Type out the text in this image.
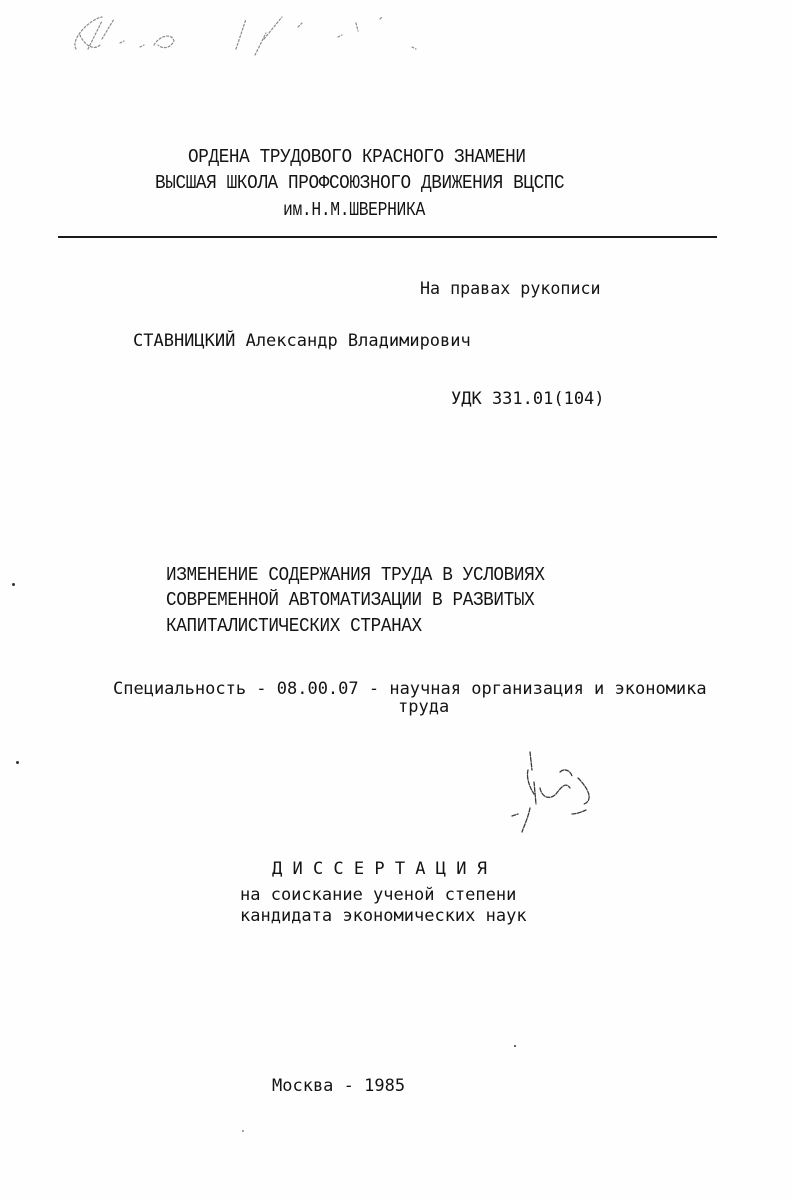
ОРДЕНА ТРУДОВОГО КРАСНОГО ЗНАМЕНИ
ВЫСШАЯ ШКОЛА ПРОФСОЮЗНОГО ДВИЖЕНИЯ ВЦСПС
им.Н.М.ШВЕРНИКА
На правах рукописи
СТАВНИЦКИЙ Александр Владимирович
УДК 331.01(104)
ИЗМЕНЕНИЕ СОДЕРЖАНИЯ ТРУДА В УСЛОВИЯХ
СОВРЕМЕННОЙ АВТОМАТИЗАЦИИ В РАЗВИТЫХ
КАПИТАЛИСТИЧЕСКИХ СТРАНАХ
Специальность - 08.00.07 - научная организация и экономика
труда
Д И С С Е Р Т А Ц И Я
на соискание ученой степени
кандидата экономических наук
Москва - 1985
